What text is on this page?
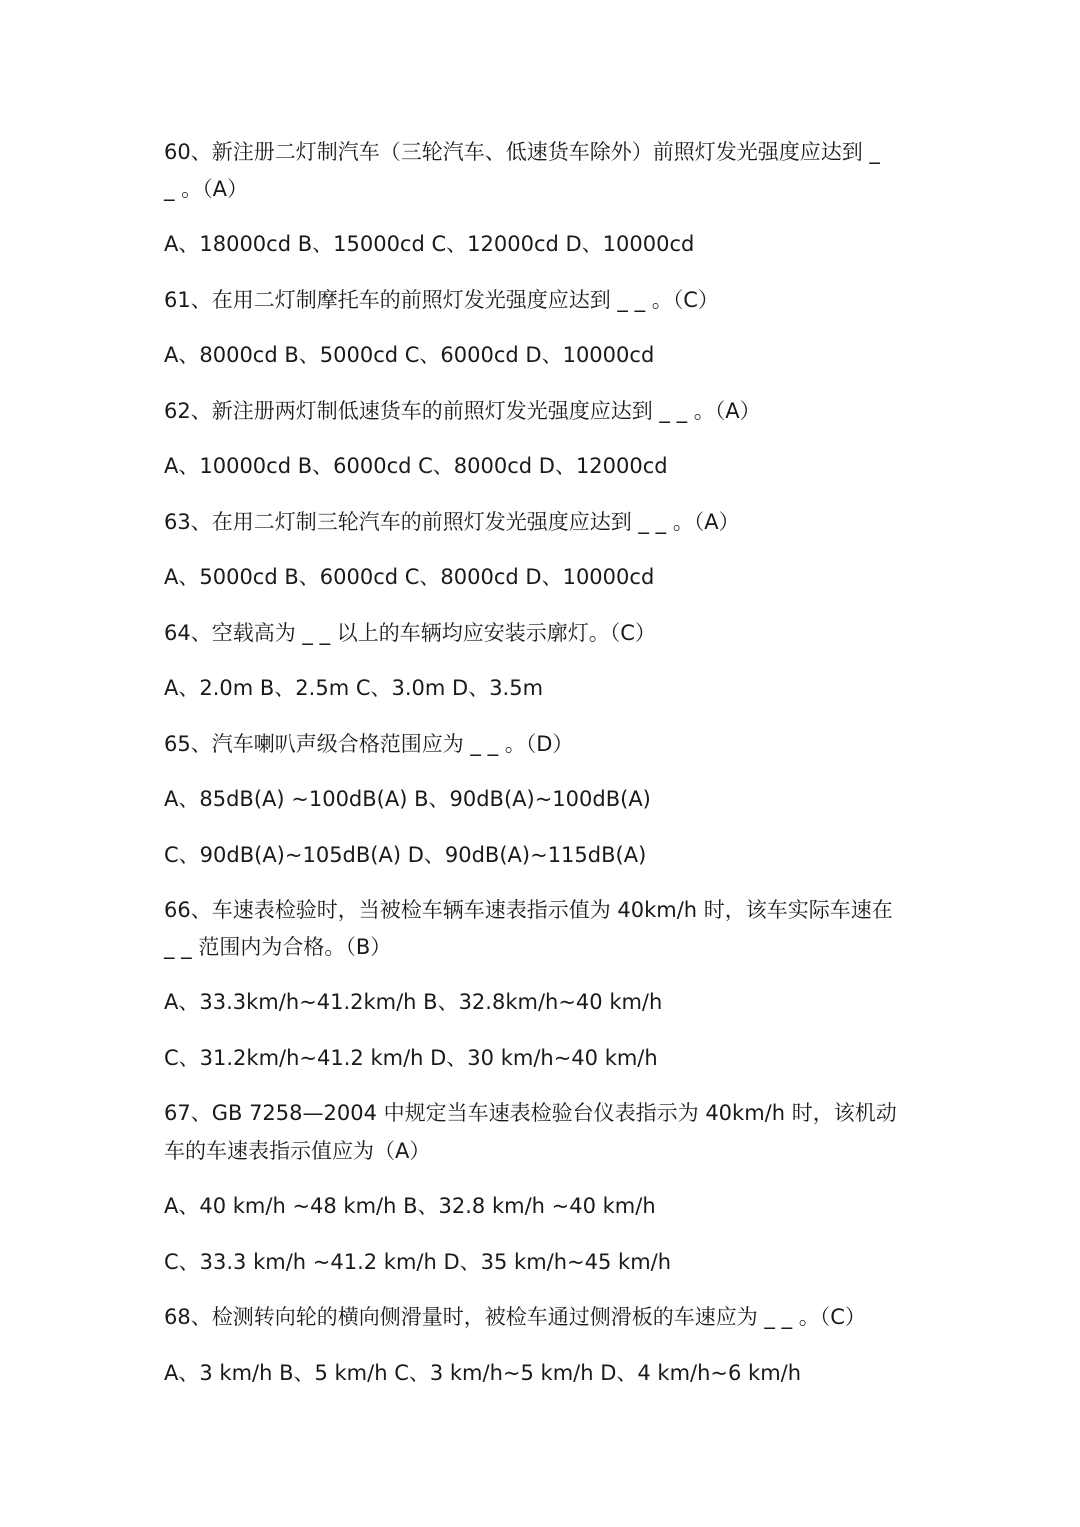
60、新注册二灯制汽车（三轮汽车、低速货车除外）前照灯发光强度应达到 _
_ 。（A）
A、18000cd B、15000cd C、12000cd D、10000cd
61、在用二灯制摩托车的前照灯发光强度应达到 _ _ 。（C）
A、8000cd B、5000cd C、6000cd D、10000cd
62、新注册两灯制低速货车的前照灯发光强度应达到 _ _ 。（A）
A、10000cd B、6000cd C、8000cd D、12000cd
63、在用二灯制三轮汽车的前照灯发光强度应达到 _ _ 。（A）
A、5000cd B、6000cd C、8000cd D、10000cd
64、空载高为 _ _ 以上的车辆均应安装示廓灯。（C）
A、2.0m B、2.5m C、3.0m D、3.5m
65、汽车喇叭声级合格范围应为 _ _ 。（D）
A、85dB(A) ~100dB(A) B、90dB(A)~100dB(A)
C、90dB(A)~105dB(A) D、90dB(A)~115dB(A)
66、车速表检验时，当被检车辆车速表指示值为 40km/h 时，该车实际车速在
_ _ 范围内为合格。（B）
A、33.3km/h~41.2km/h B、32.8km/h~40 km/h
C、31.2km/h~41.2 km/h D、30 km/h~40 km/h
67、GB 7258—2004 中规定当车速表检验台仪表指示为 40km/h 时，该机动
车的车速表指示值应为（A）
A、40 km/h ~48 km/h B、32.8 km/h ~40 km/h
C、33.3 km/h ~41.2 km/h D、35 km/h~45 km/h
68、检测转向轮的横向侧滑量时，被检车通过侧滑板的车速应为 _ _ 。（C）
A、3 km/h B、5 km/h C、3 km/h~5 km/h D、4 km/h~6 km/h
